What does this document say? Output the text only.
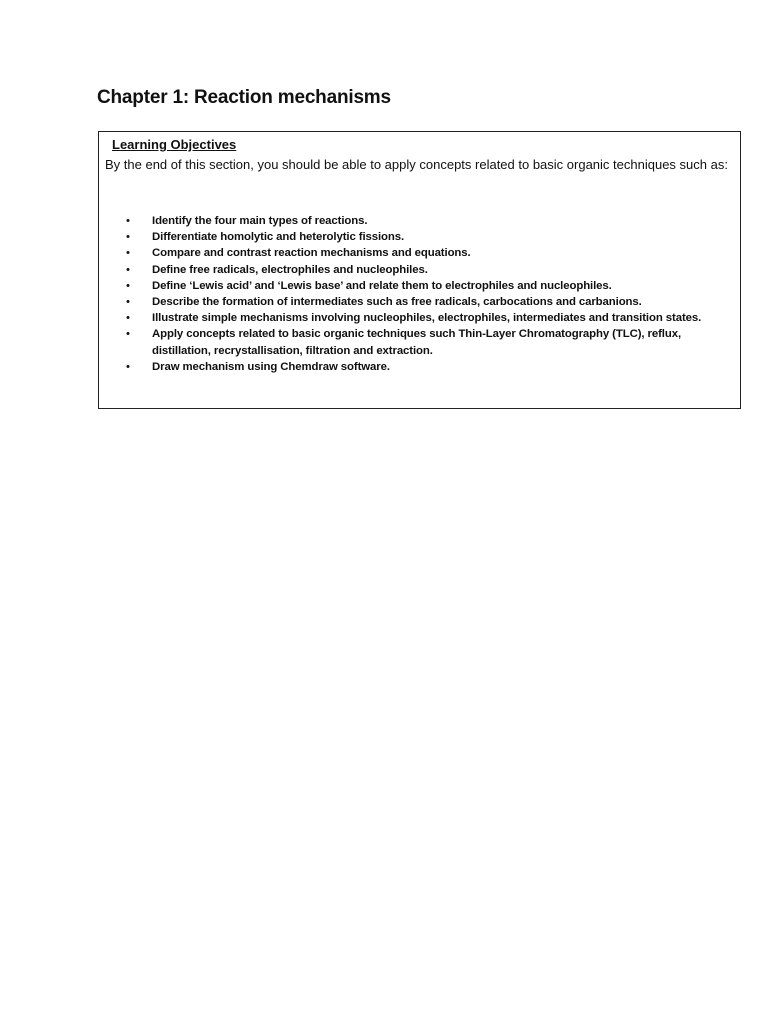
Chapter 1: Reaction mechanisms
Learning Objectives

By the end of this section, you should be able to apply concepts related to basic organic techniques such as:

• Identify the four main types of reactions.
• Differentiate homolytic and heterolytic fissions.
• Compare and contrast reaction mechanisms and equations.
• Define free radicals, electrophiles and nucleophiles.
• Define ‘Lewis acid’ and ‘Lewis base’ and relate them to electrophiles and nucleophiles.
• Describe the formation of intermediates such as free radicals, carbocations and carbanions.
• Illustrate simple mechanisms involving nucleophiles, electrophiles, intermediates and transition states.
• Apply concepts related to basic organic techniques such Thin-Layer Chromatography (TLC), reflux, distillation, recrystallisation, filtration and extraction.
• Draw mechanism using Chemdraw software.
